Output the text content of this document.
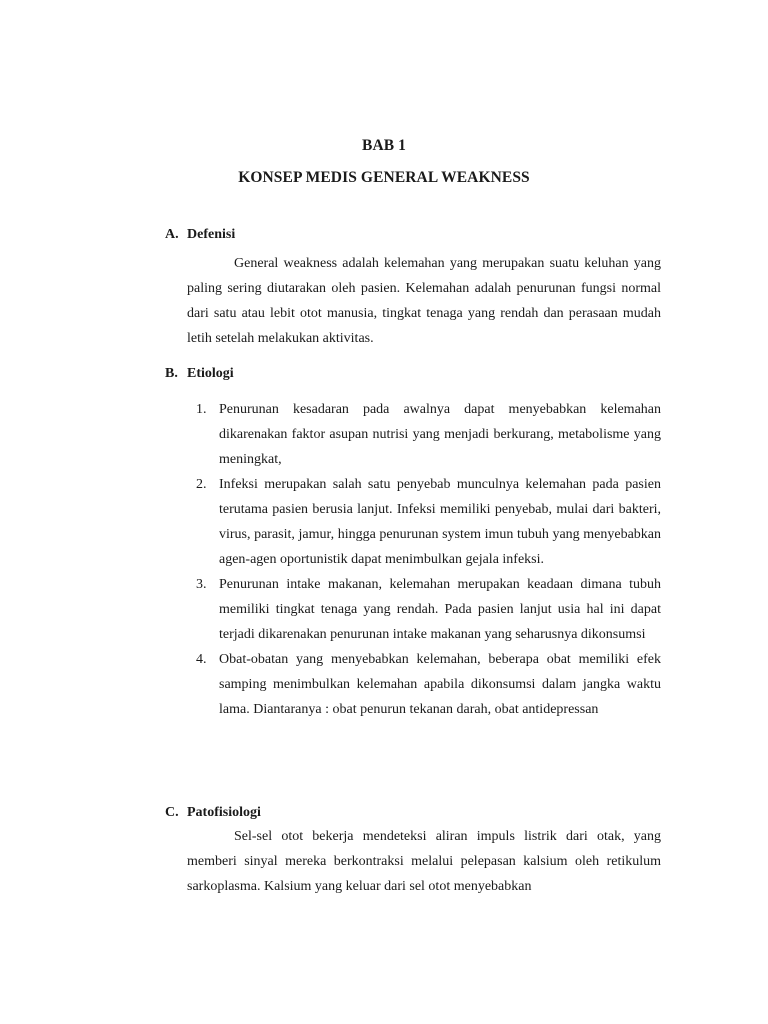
BAB 1
KONSEP MEDIS GENERAL WEAKNESS
A. Defenisi

General weakness adalah kelemahan yang merupakan suatu keluhan yang paling sering diutarakan oleh pasien. Kelemahan adalah penurunan fungsi normal dari satu atau lebit otot manusia, tingkat tenaga yang rendah dan perasaan mudah letih setelah melakukan aktivitas.

B. Etiologi
1. Penurunan kesadaran pada awalnya dapat menyebabkan kelemahan dikarenakan faktor asupan nutrisi yang menjadi berkurang, metabolisme yang meningkat,
2. Infeksi merupakan salah satu penyebab munculnya kelemahan pada pasien terutama pasien berusia lanjut. Infeksi memiliki penyebab, mulai dari bakteri, virus, parasit, jamur, hingga penurunan system imun tubuh yang menyebabkan agen-agen oportunistik dapat menimbulkan gejala infeksi.
3. Penurunan intake makanan, kelemahan merupakan keadaan dimana tubuh memiliki tingkat tenaga yang rendah. Pada pasien lanjut usia hal ini dapat terjadi dikarenakan penurunan intake makanan yang seharusnya dikonsumsi
4. Obat-obatan yang menyebabkan kelemahan, beberapa obat memiliki efek samping menimbulkan kelemahan apabila dikonsumsi dalam jangka waktu lama. Diantaranya : obat penurun tekanan darah, obat antidepressan
C. Patofisiologi

Sel-sel otot bekerja mendeteksi aliran impuls listrik dari otak, yang memberi sinyal mereka berkontraksi melalui pelepasan kalsium oleh retikulum sarkoplasma. Kalsium yang keluar dari sel otot menyebabkan
